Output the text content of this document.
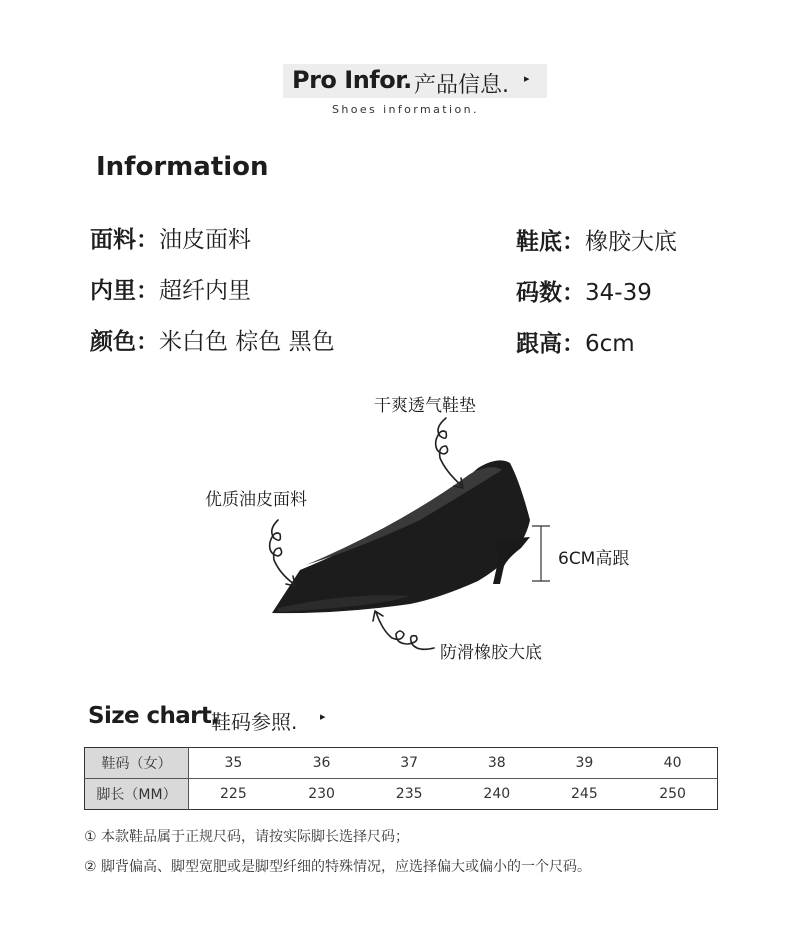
Pro Infor. 产品信息. ▸
Shoes information.
Information
面料：油皮面料
内里：超纤内里
颜色：米白色 棕色 黑色
鞋底：橡胶大底
码数：34-39
跟高：6cm
干爽透气鞋垫
优质油皮面料
6CM高跟
防滑橡胶大底
Size chart.
鞋码参照. ▸
鞋码（女）	35	36	37	38	39	40
脚长（MM）	225	230	235	240	245	250
① 本款鞋品属于正规尺码，请按实际脚长选择尺码；
② 脚背偏高、脚型宽肥或是脚型纤细的特殊情况，应选择偏大或偏小的一个尺码。
